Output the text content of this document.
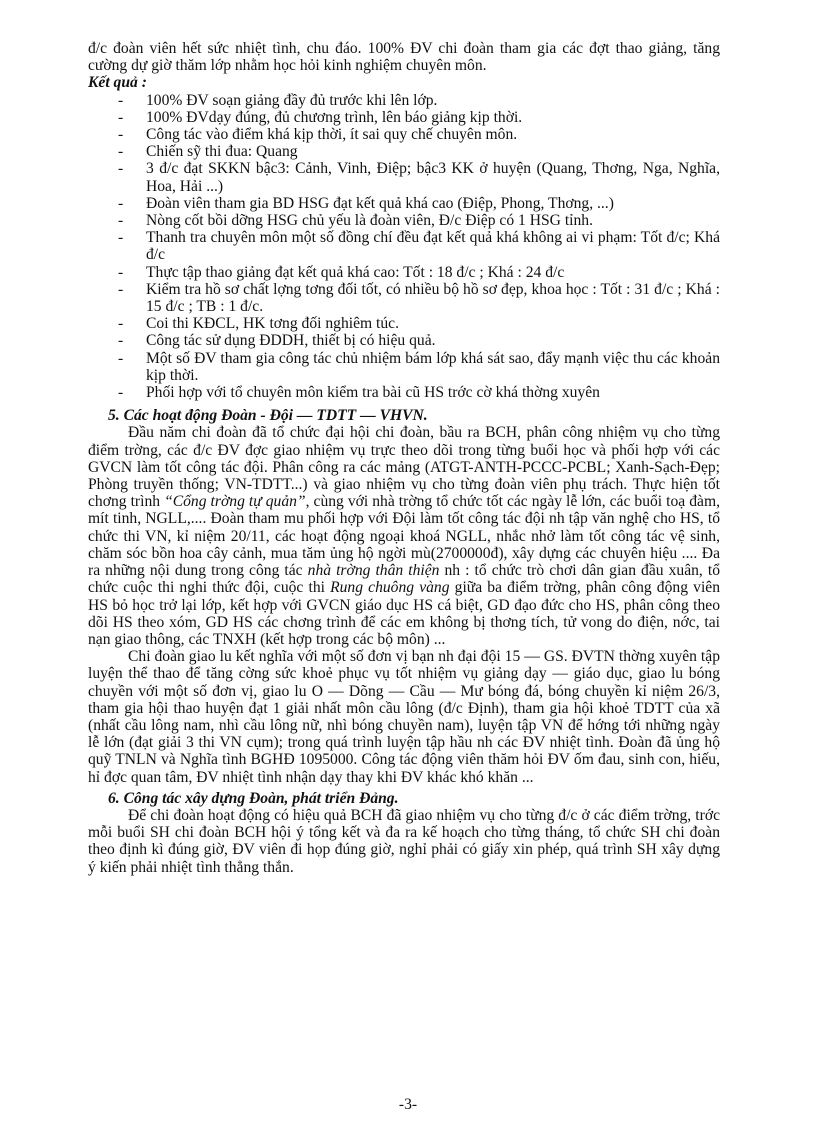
đ/c đoàn viên hết sức nhiệt tình, chu đáo. 100% ĐV chi đoàn tham gia các đợt thao giảng, tăng cường dự giờ thăm lớp nhằm học hỏi kinh nghiệm chuyên môn.

Kết quả :

- 100% ĐV soạn giảng đầy đủ trước khi lên lớp.
- 100% ĐVdạy đúng, đủ chương trình, lên báo giảng kịp thời.
- Công tác vào điểm khá kịp thời, ít sai quy chế chuyên môn.
- Chiến sỹ thi đua: Quang
- 3 đ/c đạt SKKN bậc3: Cảnh, Vinh, Điệp; bậc3 KK ở huyện (Quang, Thơng, Nga, Nghĩa, Hoa, Hải ...)
- Đoàn viên tham gia BD HSG đạt kết quả khá cao (Điệp, Phong, Thơng, ...)
- Nòng cốt bồi dỡng HSG chủ yếu là đoàn viên, Đ/c Điệp có 1 HSG tỉnh.
- Thanh tra chuyên môn một số đồng chí đều đạt kết quả khá không ai vi phạm: Tốt đ/c; Khá đ/c
- Thực tập thao giảng đạt kết quả khá cao: Tốt : 18 đ/c ; Khá : 24 đ/c
- Kiểm tra hồ sơ chất lợng tơng đối tốt, có nhiều bộ hồ sơ đẹp, khoa học : Tốt : 31 đ/c ; Khá : 15 đ/c ; TB : 1 đ/c.
- Coi thi KĐCL, HK tơng đối nghiêm túc.
- Công tác sử dụng ĐDDH, thiết bị có hiệu quả.
- Một số ĐV tham gia công tác chủ nhiệm bám lớp khá sát sao, đẩy mạnh việc thu các khoản kịp thời.
- Phối hợp với tổ chuyên môn kiểm tra bài cũ HS trớc cờ khá thờng xuyên

5. Các hoạt động Đoàn - Đội — TDTT — VHVN.

Đầu năm chi đoàn đã tổ chức đại hội chi đoàn, bầu ra BCH, phân công nhiệm vụ cho từng điểm trờng, các đ/c ĐV đợc giao nhiệm vụ trực theo dõi trong từng buổi học và phối hợp với các GVCN làm tốt công tác đội. Phân công ra các mảng (ATGT-ANTH-PCCC-PCBL; Xanh-Sạch-Đẹp; Phòng truyền thống; VN-TDTT...) và giao nhiệm vụ cho từng đoàn viên phụ trách. Thực hiện tốt chơng trình “Cổng trờng tự quản”, cùng với nhà trờng tổ chức tốt các ngày lễ lớn, các buổi toạ đàm, mít tinh, NGLL,.... Đoàn tham mu phối hợp với Đội làm tốt công tác đội nh tập văn nghệ cho HS, tổ chức thi VN, kỉ niệm 20/11, các hoạt động ngoại khoá NGLL, nhắc nhở làm tốt công tác vệ sinh, chăm sóc bồn hoa cây cảnh, mua tăm ủng hộ ngời mù(2700000đ), xây dựng các chuyên hiệu .... Đa ra những nội dung trong công tác nhà trờng thân thiện nh : tổ chức trò chơi dân gian đầu xuân, tổ chức cuộc thi nghi thức đội, cuộc thi Rung chuông vàng giữa ba điểm trờng, phân công động viên HS bỏ học trở lại lớp, kết hợp với GVCN giáo dục HS cá biệt, GD đạo đức cho HS, phân công theo dõi HS theo xóm, GD HS các chơng trình để các em không bị thơng tích, tử vong do điện, nớc, tai nạn giao thông, các TNXH (kết hợp trong các bộ môn) ...

Chi đoàn giao lu kết nghĩa với một số đơn vị bạn nh đại đội 15 — GS. ĐVTN thờng xuyên tập luyện thể thao để tăng cờng sức khoẻ phục vụ tốt nhiệm vụ giảng dạy — giáo dục, giao lu bóng chuyền với một số đơn vị, giao lu O — Dõng — Cầu — Mư bóng đá, bóng chuyền kỉ niệm 26/3, tham gia hội thao huyện đạt 1 giải nhất môn cầu lông (đ/c Định), tham gia hội khoẻ TDTT của xã (nhất cầu lông nam, nhì cầu lông nữ, nhì bóng chuyền nam), luyện tập VN để hớng tới những ngày lễ lớn (đạt giải 3 thi VN cụm); trong quá trình luyện tập hầu nh các ĐV nhiệt tình. Đoàn đã ủng hộ quỹ TNLN và Nghĩa tình BGHĐ 1095000. Công tác động viên thăm hỏi ĐV ốm đau, sinh con, hiếu, hỉ đợc quan tâm, ĐV nhiệt tình nhận dạy thay khi ĐV khác khó khăn ...

6. Công tác xây dựng Đoàn, phát triển Đảng.

Để chi đoàn hoạt động có hiệu quả BCH đã giao nhiệm vụ cho từng đ/c ở các điểm trờng, trớc mỗi buổi SH chi đoàn BCH hội ý tổng kết và đa ra kế hoạch cho từng tháng, tổ chức SH chi đoàn theo định kì đúng giờ, ĐV viên đi họp đúng giờ, nghỉ phải có giấy xin phép, quá trình SH xây dựng ý kiến phải nhiệt tình thẳng thắn.

-3-
